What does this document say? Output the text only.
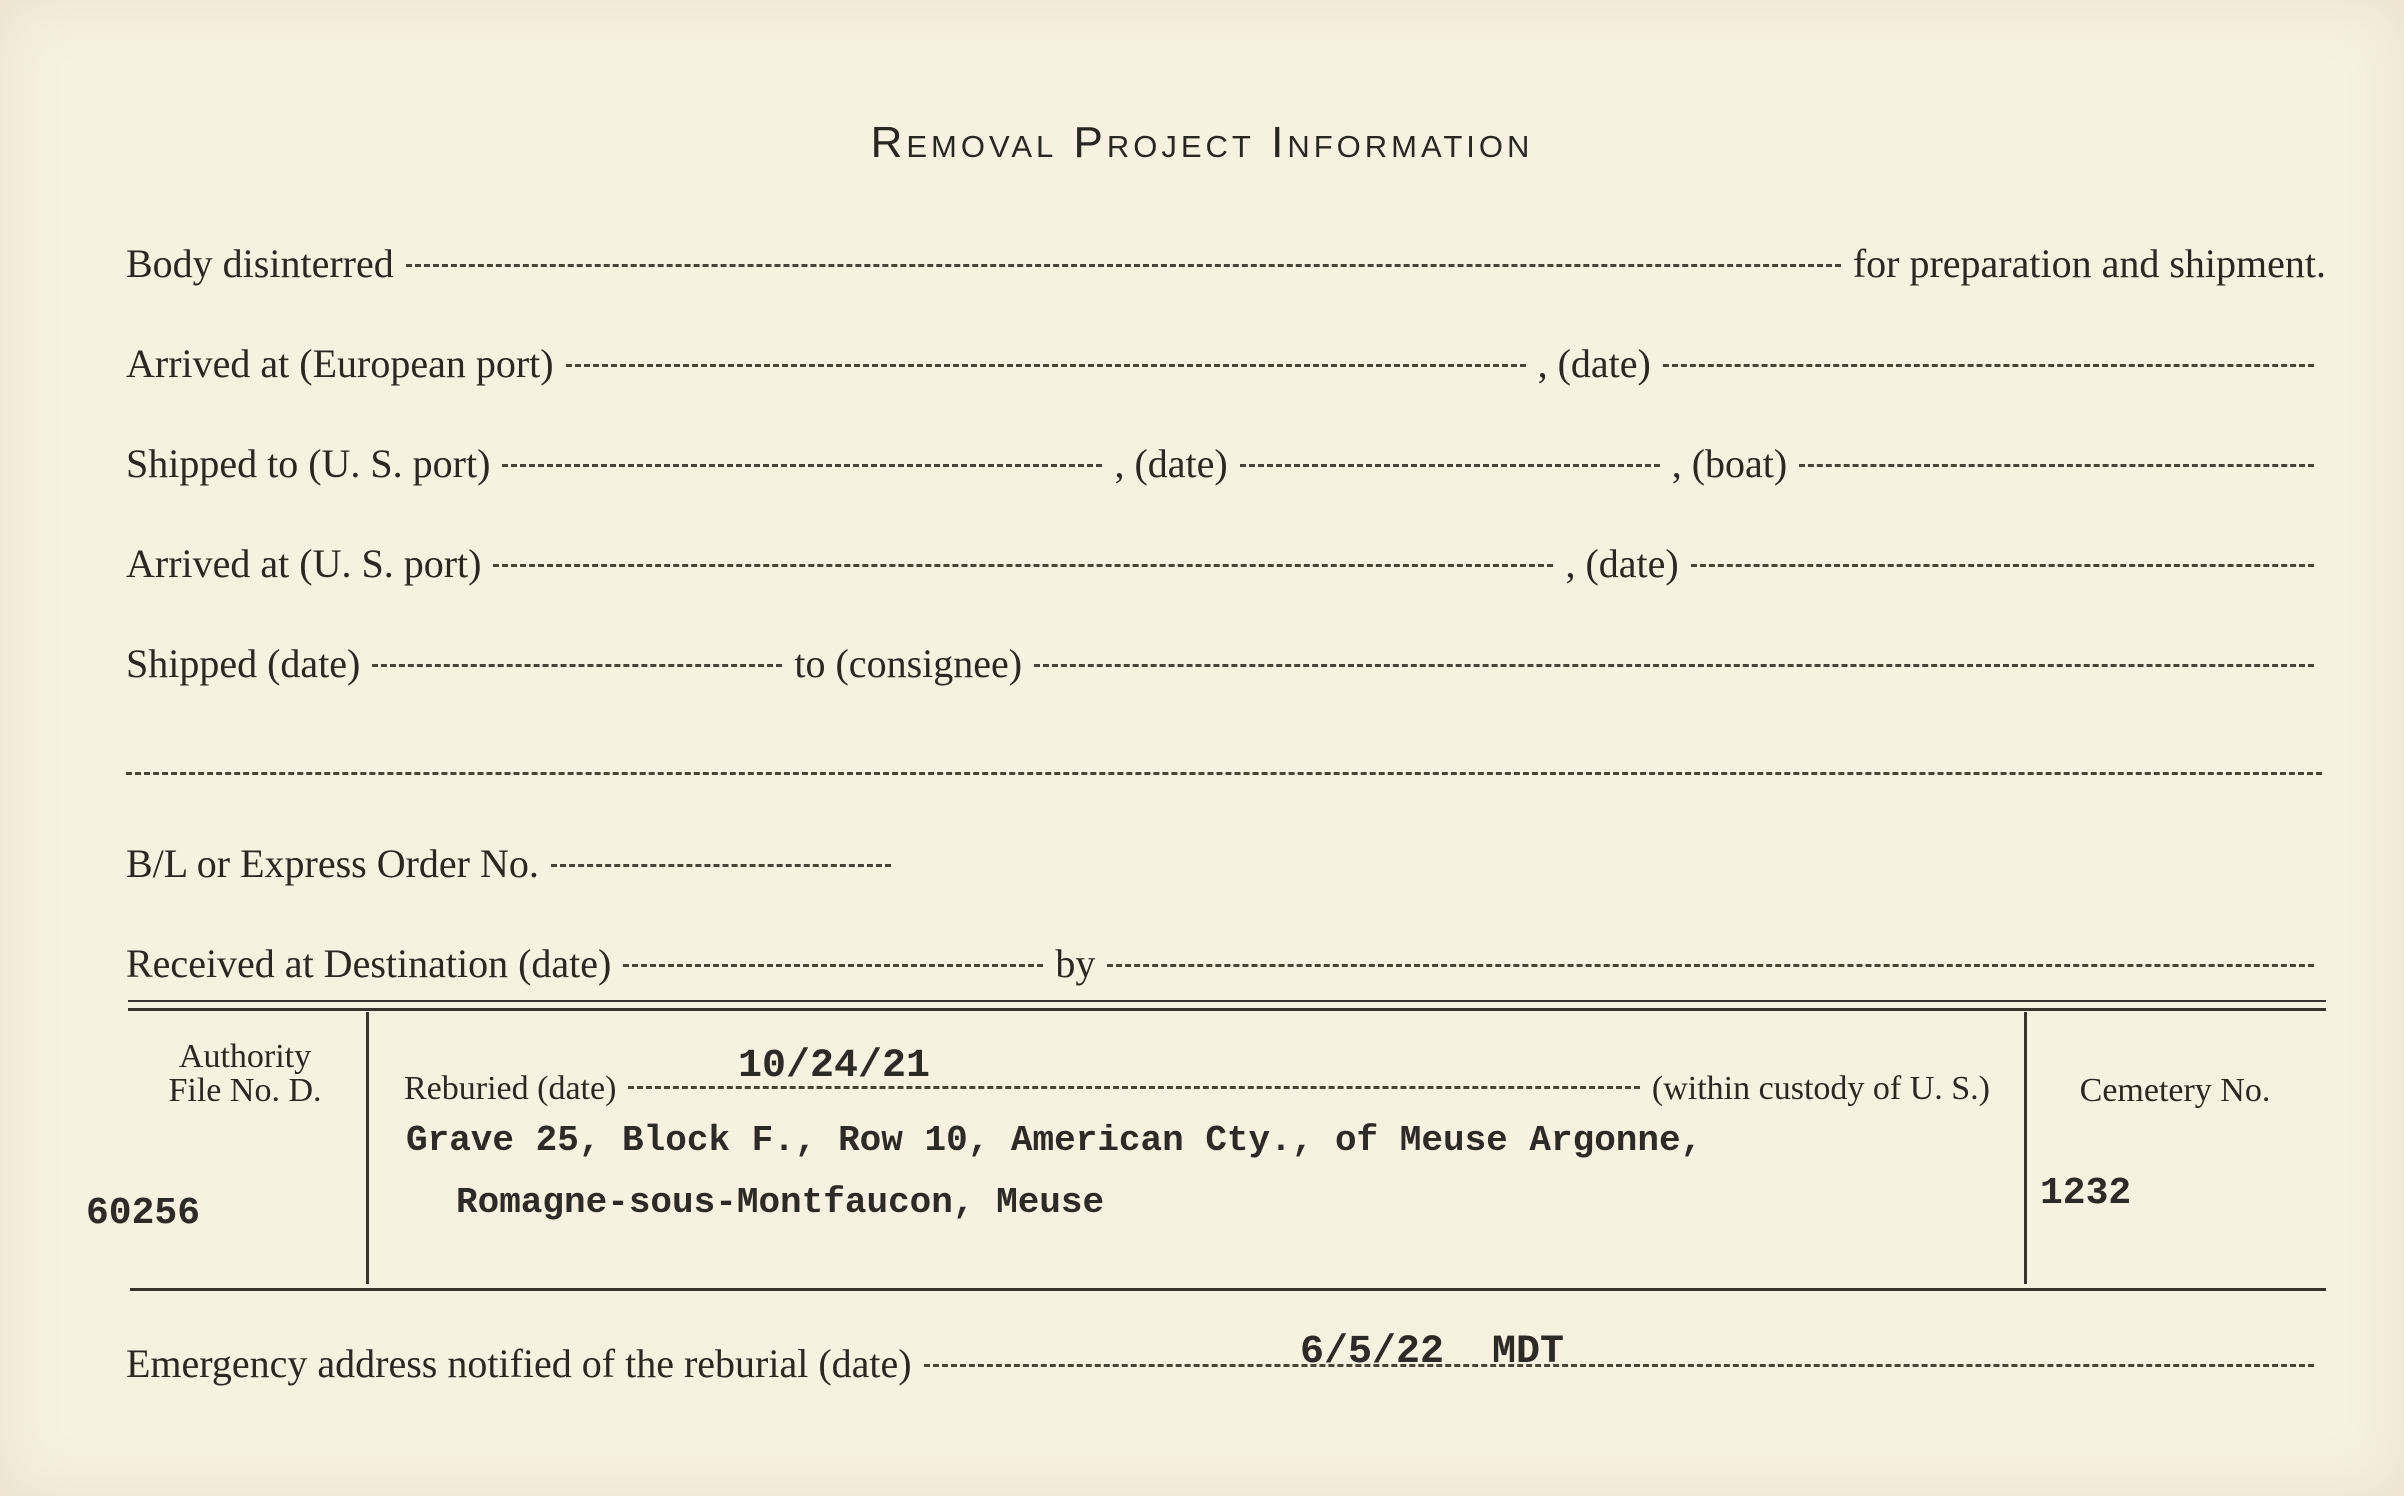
Removal Project Information
Body disinterred	for preparation and shipment.
Arrived at (European port)	, (date)
Shipped to (U. S. port)	, (date)	, (boat)
Arrived at (U. S. port)	, (date)
Shipped (date)	to (consignee)
B/L or Express Order No.
Received at Destination (date)	by
Authority
File No. D.
60256
Reburied (date)	(within custody of U. S.)
10/24/21
Grave 25, Block F., Row 10, American Cty., of Meuse Argonne,
Romagne-sous-Montfaucon, Meuse
Cemetery No.
1232
Emergency address notified of the reburial (date)	6/5/22  MDT
